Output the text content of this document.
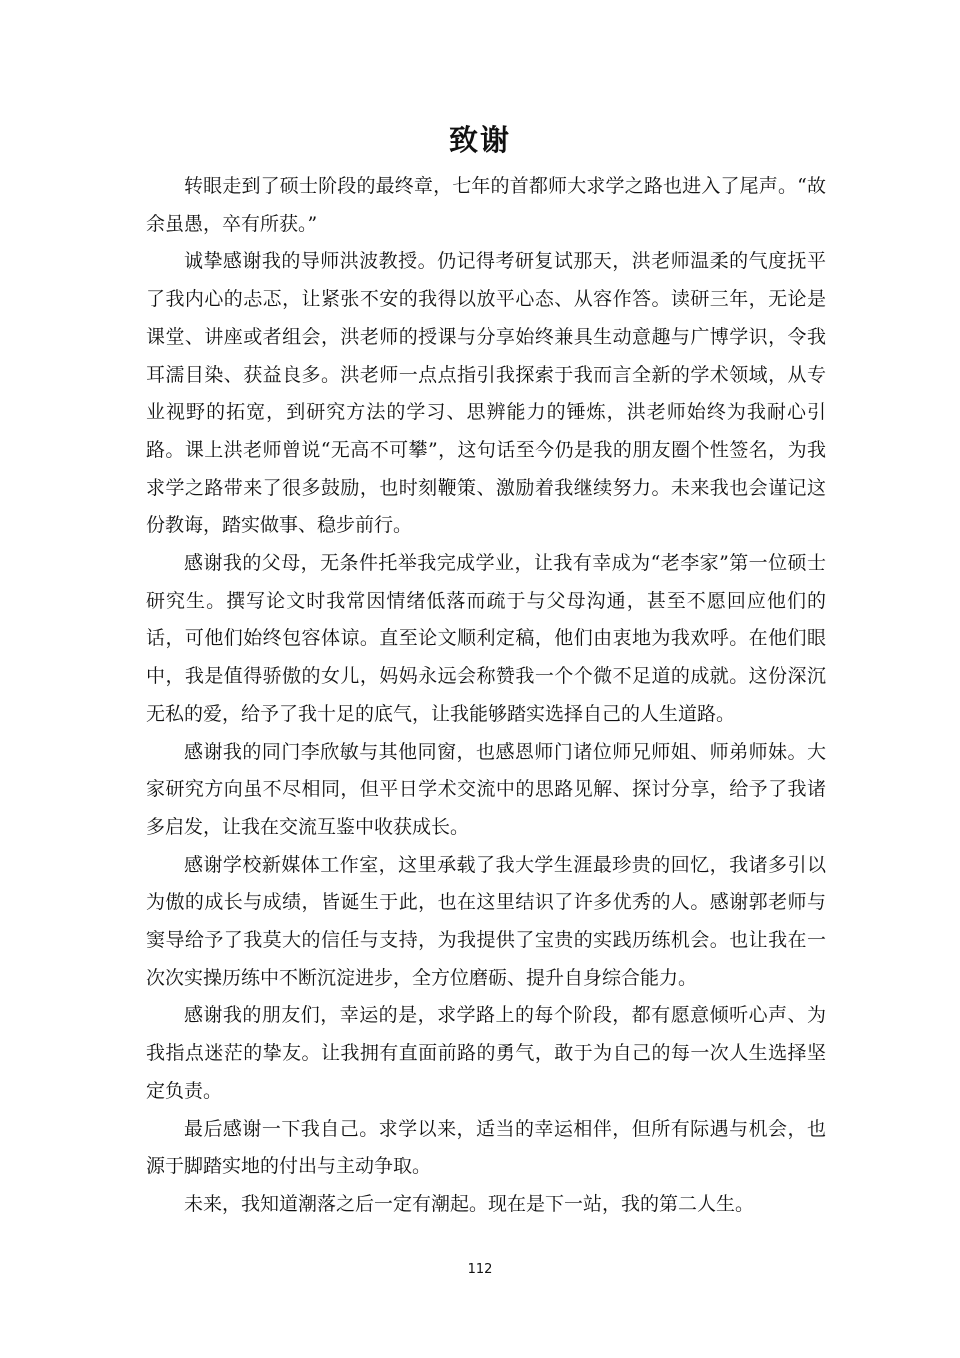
致谢

转眼走到了硕士阶段的最终章，七年的首都师大求学之路也进入了尾声。“故余虽愚，卒有所获。”

诚挚感谢我的导师洪波教授。仍记得考研复试那天，洪老师温柔的气度抚平了我内心的忐忑，让紧张不安的我得以放平心态、从容作答。读研三年，无论是课堂、讲座或者组会，洪老师的授课与分享始终兼具生动意趣与广博学识，令我耳濡目染、获益良多。洪老师一点点指引我探索于我而言全新的学术领域，从专业视野的拓宽，到研究方法的学习、思辨能力的锤炼，洪老师始终为我耐心引路。课上洪老师曾说“无高不可攀”，这句话至今仍是我的朋友圈个性签名，为我求学之路带来了很多鼓励，也时刻鞭策、激励着我继续努力。未来我也会谨记这份教诲，踏实做事、稳步前行。

感谢我的父母，无条件托举我完成学业，让我有幸成为“老李家”第一位硕士研究生。撰写论文时我常因情绪低落而疏于与父母沟通，甚至不愿回应他们的话，可他们始终包容体谅。直至论文顺利定稿，他们由衷地为我欢呼。在他们眼中，我是值得骄傲的女儿，妈妈永远会称赞我一个个微不足道的成就。这份深沉无私的爱，给予了我十足的底气，让我能够踏实选择自己的人生道路。

感谢我的同门李欣敏与其他同窗，也感恩师门诸位师兄师姐、师弟师妹。大家研究方向虽不尽相同，但平日学术交流中的思路见解、探讨分享，给予了我诸多启发，让我在交流互鉴中收获成长。

感谢学校新媒体工作室，这里承载了我大学生涯最珍贵的回忆，我诸多引以为傲的成长与成绩，皆诞生于此，也在这里结识了许多优秀的人。感谢郭老师与窦导给予了我莫大的信任与支持，为我提供了宝贵的实践历练机会。也让我在一次次实操历练中不断沉淀进步，全方位磨砺、提升自身综合能力。

感谢我的朋友们，幸运的是，求学路上的每个阶段，都有愿意倾听心声、为我指点迷茫的挚友。让我拥有直面前路的勇气，敢于为自己的每一次人生选择坚定负责。

最后感谢一下我自己。求学以来，适当的幸运相伴，但所有际遇与机会，也源于脚踏实地的付出与主动争取。

未来，我知道潮落之后一定有潮起。现在是下一站，我的第二人生。

112
